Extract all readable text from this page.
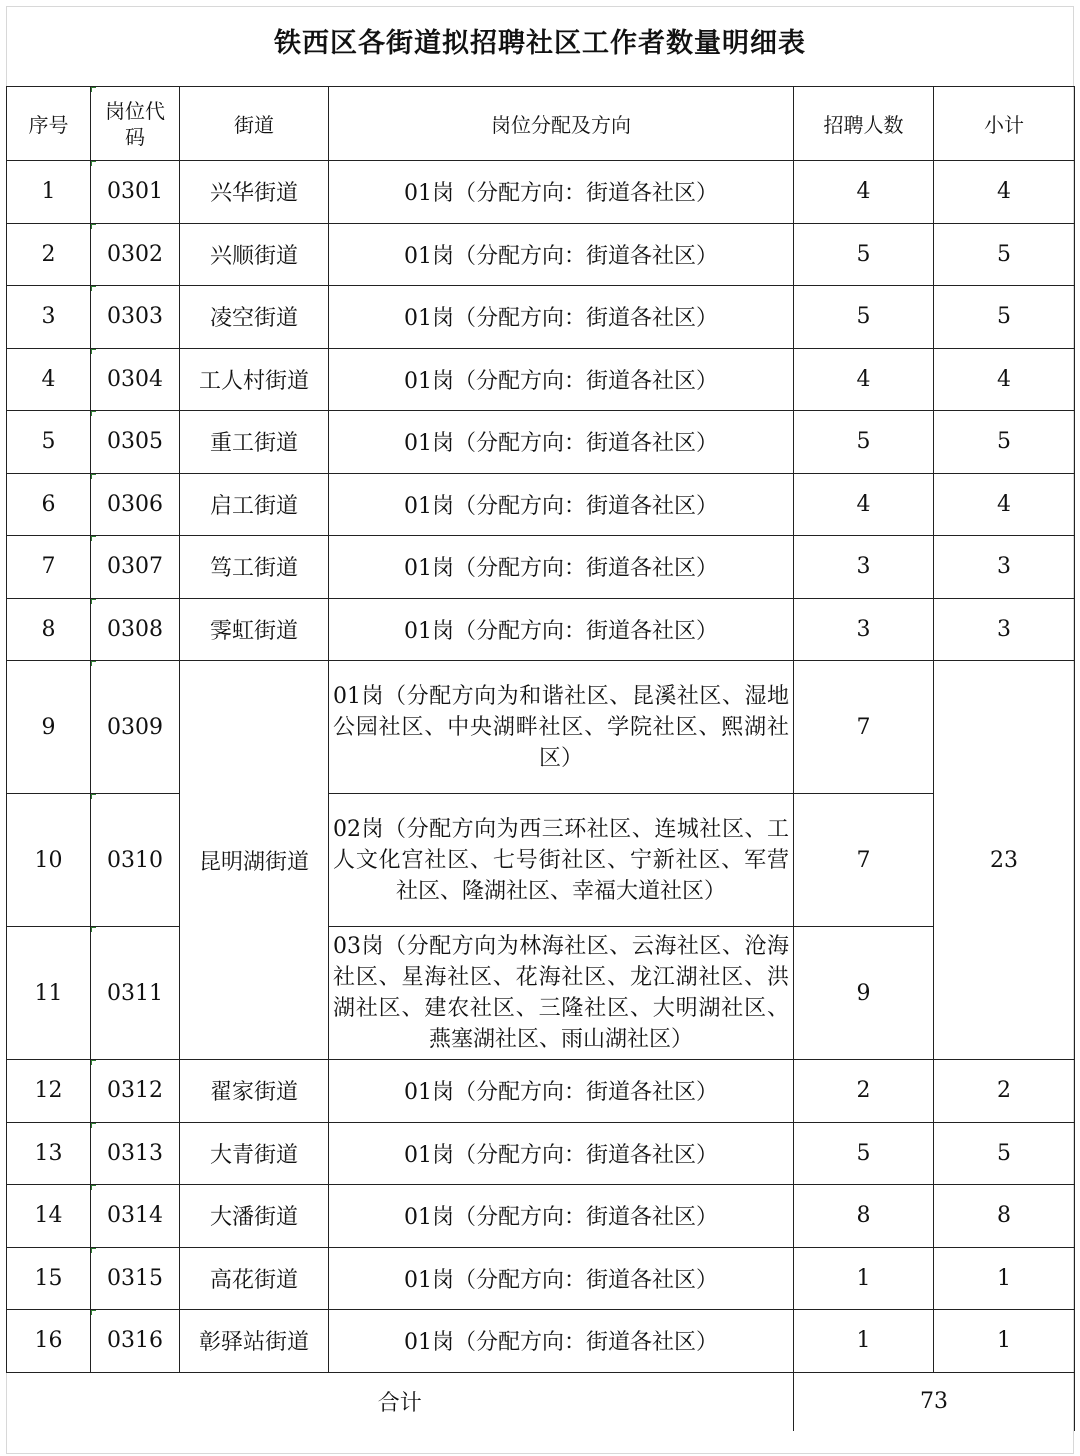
铁西区各街道拟招聘社区工作者数量明细表
序号	岗位代码	街道	岗位分配及方向	招聘人数	小计
1	0301	兴华街道	01岗（分配方向：街道各社区）	4	4
2	0302	兴顺街道	01岗（分配方向：街道各社区）	5	5
3	0303	凌空街道	01岗（分配方向：街道各社区）	5	5
4	0304	工人村街道	01岗（分配方向：街道各社区）	4	4
5	0305	重工街道	01岗（分配方向：街道各社区）	5	5
6	0306	启工街道	01岗（分配方向：街道各社区）	4	4
7	0307	笃工街道	01岗（分配方向：街道各社区）	3	3
8	0308	霁虹街道	01岗（分配方向：街道各社区）	3	3
9	0309	昆明湖街道	01岗（分配方向为和谐社区、昆溪社区、湿地公园社区、中央湖畔社区、学院社区、熙湖社区）	7	23
10	0310		02岗（分配方向为西三环社区、连城社区、工人文化宫社区、七号街社区、宁新社区、军营社区、隆湖社区、幸福大道社区）	7	
11	0311		03岗（分配方向为林海社区、云海社区、沧海社区、星海社区、花海社区、龙江湖社区、洪湖社区、建农社区、三隆社区、大明湖社区、燕塞湖社区、雨山湖社区）	9	
12	0312	翟家街道	01岗（分配方向：街道各社区）	2	2
13	0313	大青街道	01岗（分配方向：街道各社区）	5	5
14	0314	大潘街道	01岗（分配方向：街道各社区）	8	8
15	0315	高花街道	01岗（分配方向：街道各社区）	1	1
16	0316	彰驿站街道	01岗（分配方向：街道各社区）	1	1
合计				73	
